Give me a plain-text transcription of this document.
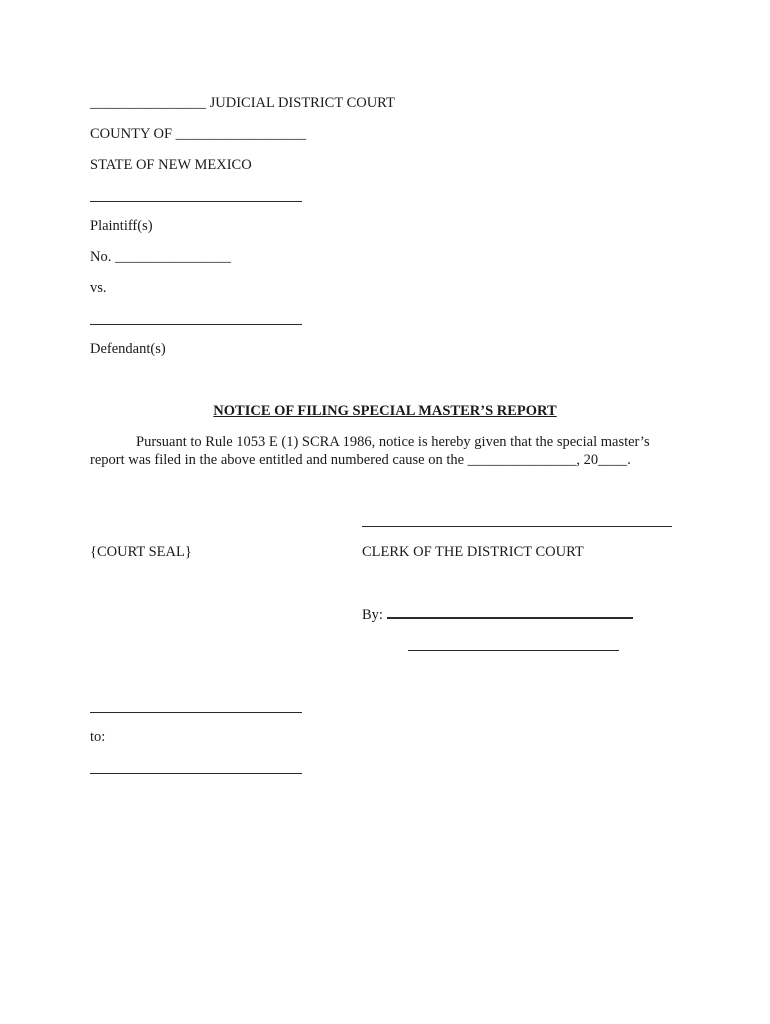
________________ JUDICIAL DISTRICT COURT
COUNTY OF __________________
STATE OF NEW MEXICO
Plaintiff(s)
No. ________________
vs.
Defendant(s)
NOTICE OF FILING SPECIAL MASTER’S REPORT
Pursuant to Rule 1053 E (1) SCRA 1986, notice is hereby given that the special master’s report was filed in the above entitled and numbered cause on the _______________, 20____.
{COURT SEAL}	CLERK OF THE DISTRICT COURT
By:
to:
